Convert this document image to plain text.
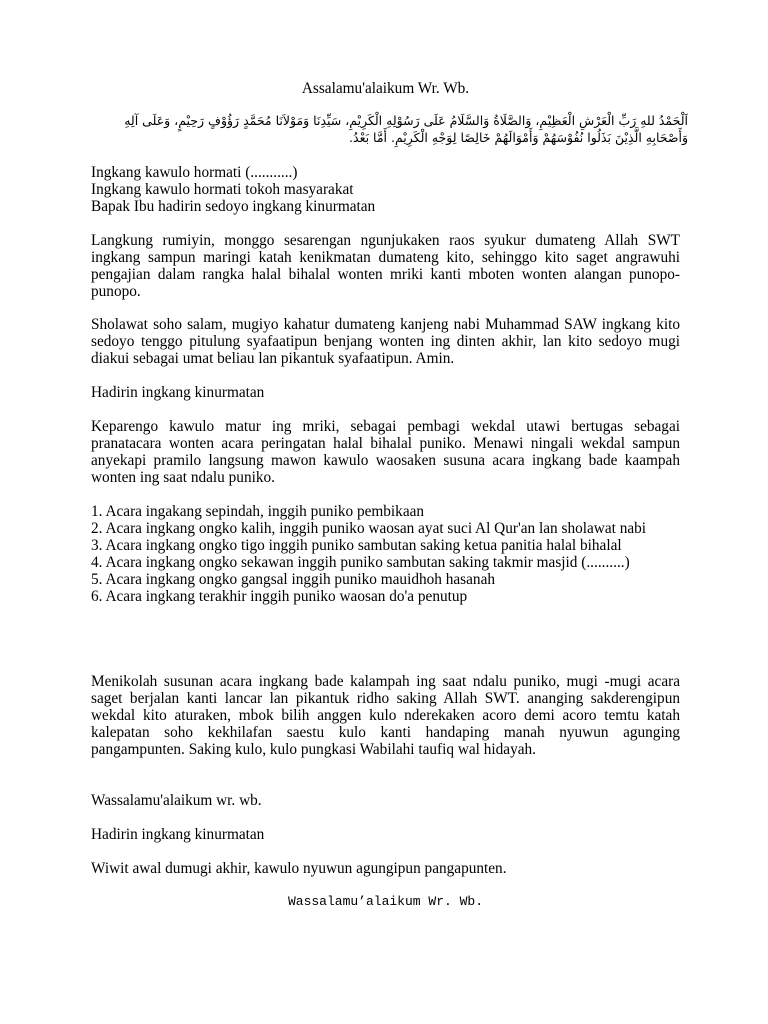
Assalamu'alaikum Wr. Wb.

اَلْحَمْدُ للهِ رَبِّ الْعَرْشِ الْعَظِيْمِ، وَالصَّلَاةُ وَالسَّلَامُ عَلَى رَسُوْلِهِ الْكَرِيْمِ، سَيِّدِنَا وَمَوْلاَنَا مُحَمَّدٍ رَؤُوْفٍ رَحِيْمٍ، وَعَلَى آلِهِ
وَأَصْحَابِهِ الَّذِيْنَ بَذَلُوا نُفُوْسَهُمْ وَأَمْوَالَهُمْ خَالِصًا لِوَجْهِ الْكَرِيْمِ. أَمَّا بَعْدُ.

Ingkang kawulo hormati (...........)

Ingkang kawulo hormati tokoh masyarakat

Bapak Ibu hadirin sedoyo ingkang kinurmatan

Langkung rumiyin, monggo sesarengan ngunjukaken raos syukur dumateng Allah SWT ingkang sampun maringi katah kenikmatan dumateng kito, sehinggo kito saget angrawuhi pengajian dalam rangka halal bihalal wonten mriki kanti mboten wonten alangan punopo-punopo.

Sholawat soho salam, mugiyo kahatur dumateng kanjeng nabi Muhammad SAW ingkang kito sedoyo tenggo pitulung syafaatipun benjang wonten ing dinten akhir, lan kito sedoyo mugi diakui sebagai umat beliau lan pikantuk syafaatipun. Amin.

Hadirin ingkang kinurmatan

Keparengo kawulo matur ing mriki, sebagai pembagi wekdal utawi bertugas sebagai pranatacara wonten acara peringatan halal bihalal puniko. Menawi ningali wekdal sampun anyekapi pramilo langsung mawon kawulo waosaken susuna acara ingkang bade kaampah wonten ing saat ndalu puniko.

1. Acara ingakang sepindah, inggih puniko pembikaan

2. Acara ingkang ongko kalih, inggih puniko waosan ayat suci Al Qur'an lan sholawat nabi

3. Acara ingkang ongko tigo inggih puniko sambutan saking ketua panitia halal bihalal

4. Acara ingkang ongko sekawan inggih puniko sambutan saking takmir masjid (..........)

5. Acara ingkang ongko gangsal inggih puniko mauidhoh hasanah

6. Acara ingkang terakhir inggih puniko waosan do'a penutup

Menikolah susunan acara ingkang bade kalampah ing saat ndalu puniko, mugi -mugi acara saget berjalan kanti lancar lan pikantuk ridho saking Allah SWT. ananging sakderengipun wekdal kito aturaken, mbok bilih anggen kulo nderekaken acoro demi acoro temtu katah kalepatan soho kekhilafan saestu kulo kanti handaping manah nyuwun agunging pangampunten. Saking kulo, kulo pungkasi Wabilahi taufiq wal hidayah.

Wassalamu'alaikum wr. wb.

Hadirin ingkang kinurmatan

Wiwit awal dumugi akhir, kawulo nyuwun agungipun pangapunten.

Wassalamu’alaikum Wr. Wb.
